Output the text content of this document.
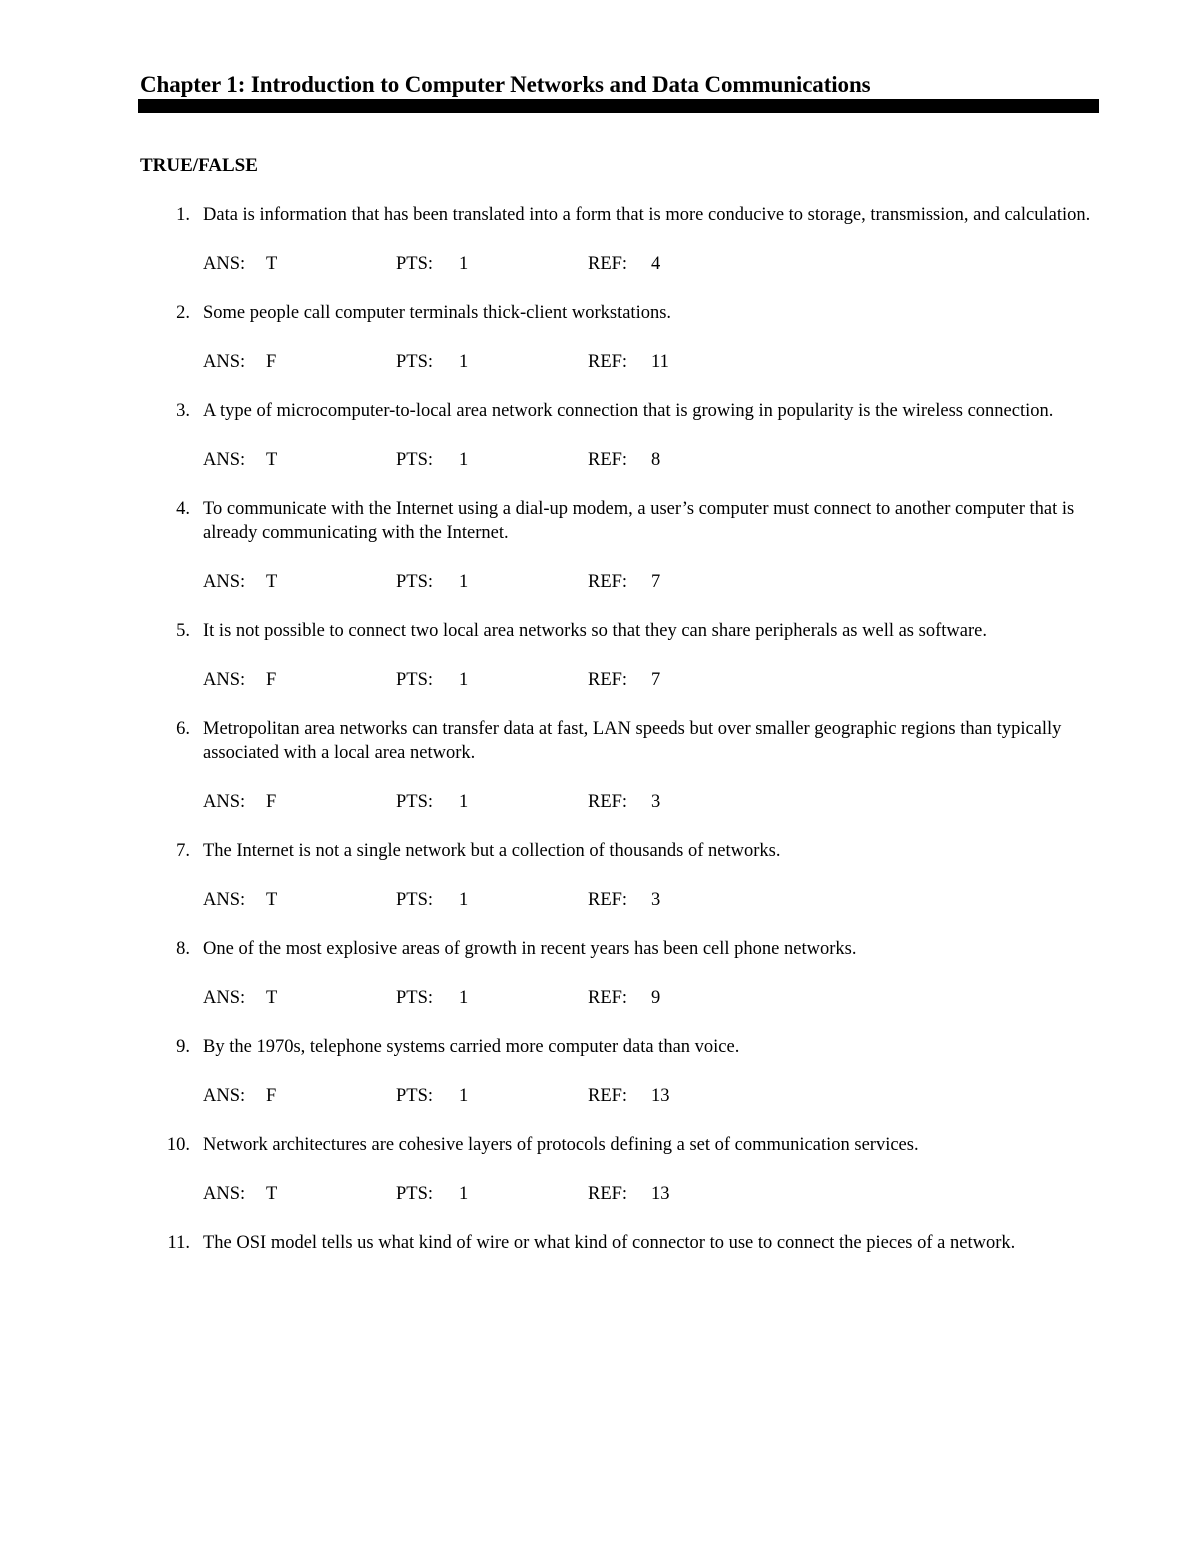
Chapter 1: Introduction to Computer Networks and Data Communications
TRUE/FALSE
1. Data is information that has been translated into a form that is more conducive to storage, transmission, and calculation.
ANS: T	PTS: 1	REF: 4
2. Some people call computer terminals thick-client workstations.
ANS: F	PTS: 1	REF: 11
3. A type of microcomputer-to-local area network connection that is growing in popularity is the wireless connection.
ANS: T	PTS: 1	REF: 8
4. To communicate with the Internet using a dial-up modem, a user’s computer must connect to another computer that is already communicating with the Internet.
ANS: T	PTS: 1	REF: 7
5. It is not possible to connect two local area networks so that they can share peripherals as well as software.
ANS: F	PTS: 1	REF: 7
6. Metropolitan area networks can transfer data at fast, LAN speeds but over smaller geographic regions than typically associated with a local area network.
ANS: F	PTS: 1	REF: 3
7. The Internet is not a single network but a collection of thousands of networks.
ANS: T	PTS: 1	REF: 3
8. One of the most explosive areas of growth in recent years has been cell phone networks.
ANS: T	PTS: 1	REF: 9
9. By the 1970s, telephone systems carried more computer data than voice.
ANS: F	PTS: 1	REF: 13
10. Network architectures are cohesive layers of protocols defining a set of communication services.
ANS: T	PTS: 1	REF: 13
11. The OSI model tells us what kind of wire or what kind of connector to use to connect the pieces of a network.
